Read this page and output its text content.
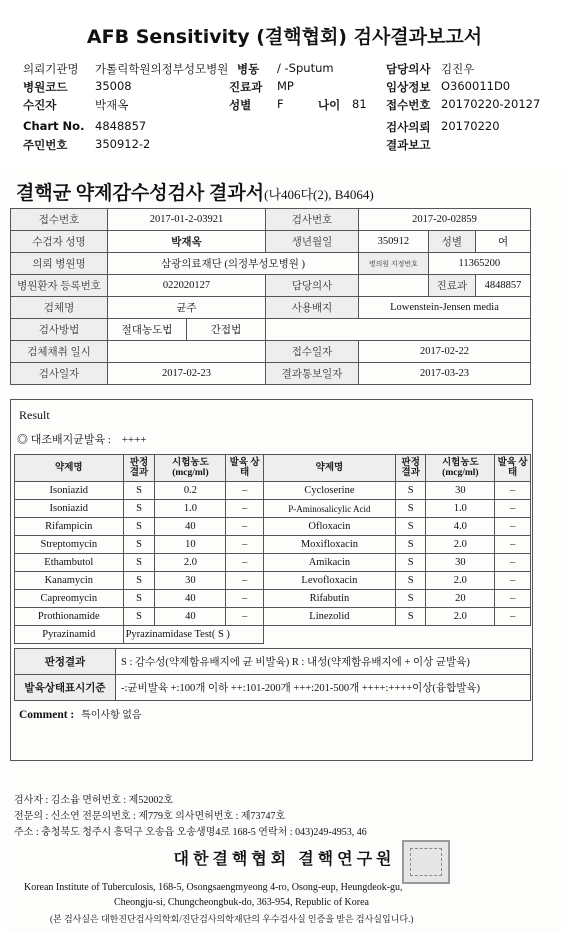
AFB Sensitivity (결핵협회) 검사결과보고서
의뢰기관명 가톨릭학원의정부성모병원 병동 / -Sputum	담당의사 김진우
병원코드 35008	진료과 MP	임상정보 O360011D0
수진자	박재옥	성별 F	나이 81 접수번호 20170220-20127
Chart No. 4848857	검사의뢰 20170220
주민번호 350912-2	결과보고
결핵균 약제감수성검사 결과서(나406다(2), B4064)
접수번호	2017-01-2-03921		검사번호	2017-20-02859		
수검자 성명	박재옥		생년월일	350912	성별	여
의뢰 병원명	삼광의료재단 (의정부성모병원 )			병의원 지정번호	11365200	
병원환자 등록번호	022020127		담당의사		진료과	4848857
검체명	균주		사용배지	Lowenstein-Jensen media		
검사방법	절대농도법	간접법				
검체채취 일시			접수일자	2017-02-22		
검사일자	2017-02-23		결과통보일자	2017-03-23		
Result
◎ 대조배지균발육 : ++++
약제명	판정 결과	시험농도 (mcg/ml)	발육 상태	약제명	판정 결과	시험농도 (mcg/ml)	발육 상태
Isoniazid	S	0.2	–	Cycloserine	S	30	–
Isoniazid	S	1.0	–	P-Aminosalicylic Acid	S	1.0	–
Rifampicin	S	40	–	Ofloxacin	S	4.0	–
Streptomycin	S	10	–	Moxifloxacin	S	2.0	–
Ethambutol	S	2.0	–	Amikacin	S	30	–
Kanamycin	S	30	–	Levofloxacin	S	2.0	–
Capreomycin	S	40	–	Rifabutin	S	20	–
Prothionamide	S	40	–	Linezolid	S	2.0	–
Pyrazinamid	Pyrazinamidase Test( S )						
판정결과	S : 감수성(약제함유배지에 균 비발육) R : 내성(약제함유배지에 + 이상 균발육)
발육상태표시기준	-:균비발육 +:100개 이하 ++:101-200개 +++:201-500개 ++++:++++이상(융합발육)
Comment : 특이사항 없음
검사자 : 김소윰 면허번호 : 제52002호
전문의 : 신소연 전문의번호 : 제779호 의사면허번호 : 제73747호
주소 : 충청북도 청주시 흥덕구 오송읍 오송생명4로 168-5 연락처 : 043)249-4953, 46
대한결핵협회 결핵연구원
Korean Institute of Tuberculosis, 168-5, Osongsaengmyeong 4-ro, Osong-eup, Heungdeok-gu,
Cheongju-si, Chungcheongbuk-do, 363-954, Republic of Korea
(본 검사실은 대한진단검사의학회/진단검사의학재단의 우수검사실 인증을 받은 검사실입니다.)
